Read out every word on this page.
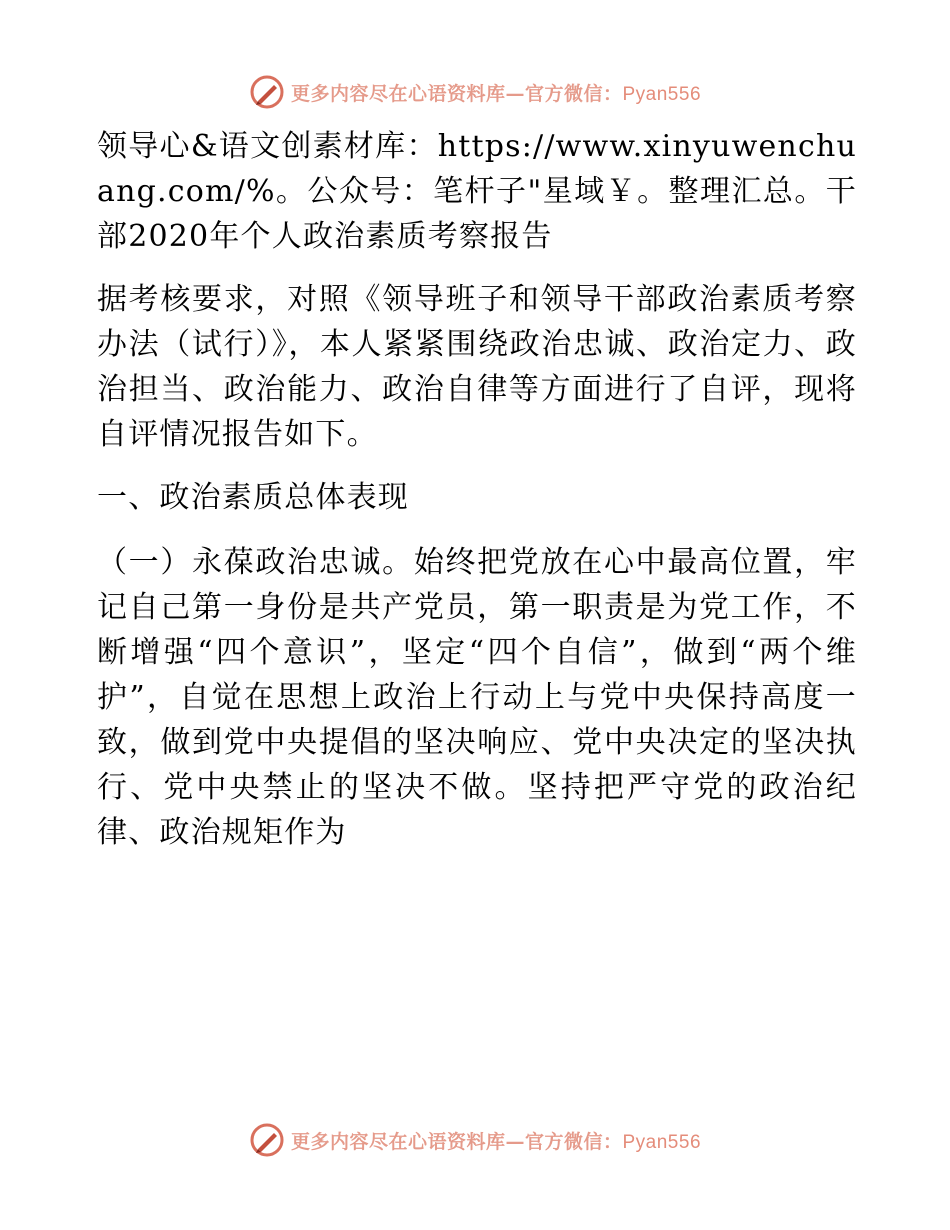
更多内容尽在心语资料库—官方微信：Pyan556

领导心&语文创素材库：https://www.xinyuwenchuang.com/%。公众号：笔杆子"星域￥。整理汇总。干部2020年个人政治素质考察报告

据考核要求，对照《领导班子和领导干部政治素质考察办法（试行）》，本人紧紧围绕政治忠诚、政治定力、政治担当、政治能力、政治自律等方面进行了自评，现将自评情况报告如下。

一、政治素质总体表现

（一）永葆政治忠诚。始终把党放在心中最高位置，牢记自己第一身份是共产党员，第一职责是为党工作，不断增强“四个意识”，坚定“四个自信”，做到“两个维护”，自觉在思想上政治上行动上与党中央保持高度一致，做到党中央提倡的坚决响应、党中央决定的坚决执行、党中央禁止的坚决不做。坚持把严守党的政治纪律、政治规矩作为

更多内容尽在心语资料库—官方微信：Pyan556
